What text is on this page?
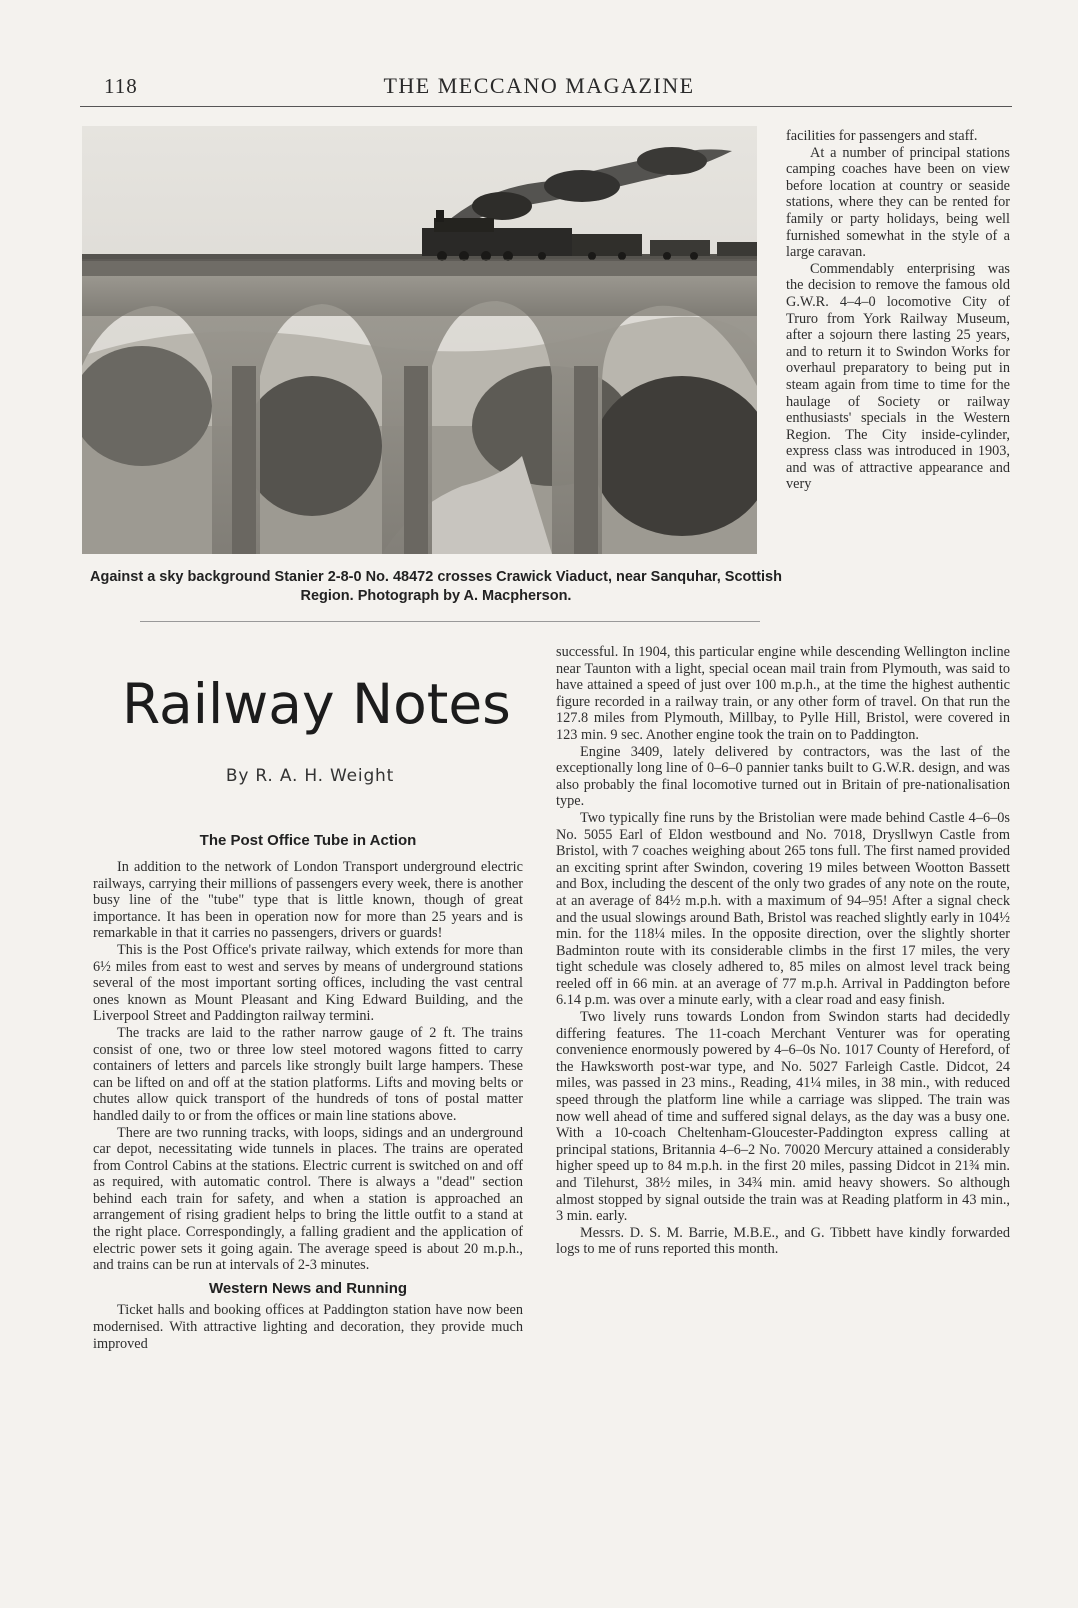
118	THE MECCANO MAGAZINE
Against a sky background Stanier 2-8-0 No. 48472 crosses Crawick Viaduct, near Sanquhar, Scottish Region. Photograph by A. Macpherson.

facilities for passengers and staff.

At a number of principal stations camping coaches have been on view before location at country or seaside stations, where they can be rented for family or party holidays, being well furnished somewhat in the style of a large caravan.

Commendably enterprising was the decision to remove the famous old G.W.R. 4–4–0 locomotive City of Truro from York Railway Museum, after a sojourn there lasting 25 years, and to return it to Swindon Works for overhaul preparatory to being put in steam again from time to time for the haulage of Society or railway enthusiasts' specials in the Western Region. The City inside-cylinder, express class was introduced in 1903, and was of attractive appearance and very

successful. In 1904, this particular engine while descending Wellington incline near Taunton with a light, special ocean mail train from Plymouth, was said to have attained a speed of just over 100 m.p.h., at the time the highest authentic figure recorded in a railway train, or any other form of travel. On that run the 127.8 miles from Plymouth, Millbay, to Pylle Hill, Bristol, were covered in 123 min. 9 sec. Another engine took the train on to Paddington.

Engine 3409, lately delivered by contractors, was the last of the exceptionally long line of 0–6–0 pannier tanks built to G.W.R. design, and was also probably the final locomotive turned out in Britain of pre-nationalisation type.

Two typically fine runs by the Bristolian were made behind Castle 4–6–0s No. 5055 Earl of Eldon westbound and No. 7018, Drysllwyn Castle from Bristol, with 7 coaches weighing about 265 tons full. The first named provided an exciting sprint after Swindon, covering 19 miles between Wootton Bassett and Box, including the descent of the only two grades of any note on the route, at an average of 84½ m.p.h. with a maximum of 94–95! After a signal check and the usual slowings around Bath, Bristol was reached slightly early in 104½ min. for the 118¼ miles. In the opposite direction, over the slightly shorter Badminton route with its considerable climbs in the first 17 miles, the very tight schedule was closely adhered to, 85 miles on almost level track being reeled off in 66 min. at an average of 77 m.p.h. Arrival in Paddington before 6.14 p.m. was over a minute early, with a clear road and easy finish.

Two lively runs towards London from Swindon starts had decidedly differing features. The 11-coach Merchant Venturer was for operating convenience enormously powered by 4–6–0s No. 1017 County of Hereford, of the Hawksworth post-war type, and No. 5027 Farleigh Castle. Didcot, 24 miles, was passed in 23 mins., Reading, 41¼ miles, in 38 min., with reduced speed through the platform line while a carriage was slipped. The train was now well ahead of time and suffered signal delays, as the day was a busy one. With a 10-coach Cheltenham-Gloucester-Paddington express calling at principal stations, Britannia 4–6–2 No. 70020 Mercury attained a considerably higher speed up to 84 m.p.h. in the first 20 miles, passing Didcot in 21¾ min. and Tilehurst, 38½ miles, in 34¾ min. amid heavy showers. So although almost stopped by signal outside the train was at Reading platform in 43 min., 3 min. early.

Messrs. D. S. M. Barrie, M.B.E., and G. Tibbett have kindly forwarded logs to me of runs reported this month.

Railway Notes
By R. A. H. Weight
The Post Office Tube in Action

In addition to the network of London Transport underground electric railways, carrying their millions of passengers every week, there is another busy line of the "tube" type that is little known, though of great importance. It has been in operation now for more than 25 years and is remarkable in that it carries no passengers, drivers or guards!

This is the Post Office's private railway, which extends for more than 6½ miles from east to west and serves by means of underground stations several of the most important sorting offices, including the vast central ones known as Mount Pleasant and King Edward Building, and the Liverpool Street and Paddington railway termini.

The tracks are laid to the rather narrow gauge of 2 ft. The trains consist of one, two or three low steel motored wagons fitted to carry containers of letters and parcels like strongly built large hampers. These can be lifted on and off at the station platforms. Lifts and moving belts or chutes allow quick transport of the hundreds of tons of postal matter handled daily to or from the offices or main line stations above.

There are two running tracks, with loops, sidings and an underground car depot, necessitating wide tunnels in places. The trains are operated from Control Cabins at the stations. Electric current is switched on and off as required, with automatic control. There is always a "dead" section behind each train for safety, and when a station is approached an arrangement of rising gradient helps to bring the little outfit to a stand at the right place. Correspondingly, a falling gradient and the application of electric power sets it going again. The average speed is about 20 m.p.h., and trains can be run at intervals of 2-3 minutes.

Western News and Running

Ticket halls and booking offices at Paddington station have now been modernised. With attractive lighting and decoration, they provide much improved
